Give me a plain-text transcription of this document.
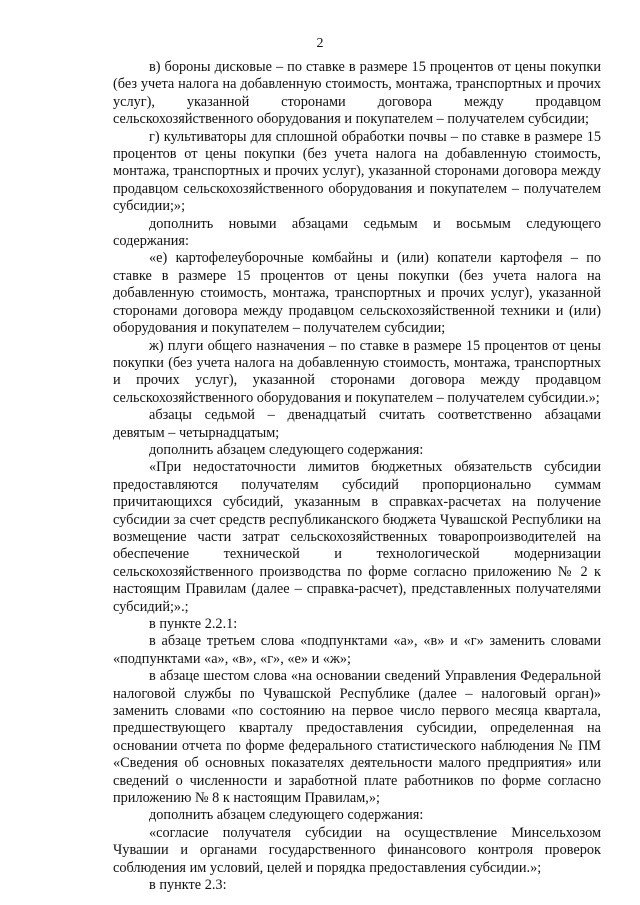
2

в) бороны дисковые – по ставке в размере 15 процентов от цены покупки (без учета налога на добавленную стоимость, монтажа, транспортных и прочих услуг), указанной сторонами договора между продавцом сельскохозяйственного оборудования и покупателем – получателем субсидии;

г) культиваторы для сплошной обработки почвы – по ставке в размере 15 процентов от цены покупки (без учета налога на добавленную стоимость, монтажа, транспортных и прочих услуг), указанной сторонами договора между продавцом сельскохозяйственного оборудования и покупателем – получателем субсидии;»;

дополнить новыми абзацами седьмым и восьмым следующего содержания:

«е) картофелеуборочные комбайны и (или) копатели картофеля – по ставке в размере 15 процентов от цены покупки (без учета налога на добавленную стоимость, монтажа, транспортных и прочих услуг), указанной сторонами договора между продавцом сельскохозяйственной техники и (или) оборудования и покупателем – получателем субсидии;

ж) плуги общего назначения – по ставке в размере 15 процентов от цены покупки (без учета налога на добавленную стоимость, монтажа, транспортных и прочих услуг), указанной сторонами договора между продавцом сельскохозяйственного оборудования и покупателем – получателем субсидии.»;

абзацы седьмой – двенадцатый считать соответственно абзацами девятым – четырнадцатым;

дополнить абзацем следующего содержания:

«При недостаточности лимитов бюджетных обязательств субсидии предоставляются получателям субсидий пропорционально суммам причитающихся субсидий, указанным в справках-расчетах на получение субсидии за счет средств республиканского бюджета Чувашской Республики на возмещение части затрат сельскохозяйственных товаропроизводителей на обеспечение технической и технологической модернизации сельскохозяйственного производства по форме согласно приложению № 2 к настоящим Правилам (далее – справка-расчет), представленных получателями субсидий;».;

в пункте 2.2.1:

в абзаце третьем слова «подпунктами «а», «в» и «г» заменить словами «подпунктами «а», «в», «г», «е» и «ж»;

в абзаце шестом слова «на основании сведений Управления Федеральной налоговой службы по Чувашской Республике (далее – налоговый орган)» заменить словами «по состоянию на первое число первого месяца квартала, предшествующего кварталу предоставления субсидии, определенная на основании отчета по форме федерального статистического наблюдения № ПМ «Сведения об основных показателях деятельности малого предприятия» или сведений о численности и заработной плате работников по форме согласно приложению № 8 к настоящим Правилам,»;

дополнить абзацем следующего содержания:

«согласие получателя субсидии на осуществление Минсельхозом Чувашии и органами государственного финансового контроля проверок соблюдения им условий, целей и порядка предоставления субсидии.»;

в пункте 2.3:
